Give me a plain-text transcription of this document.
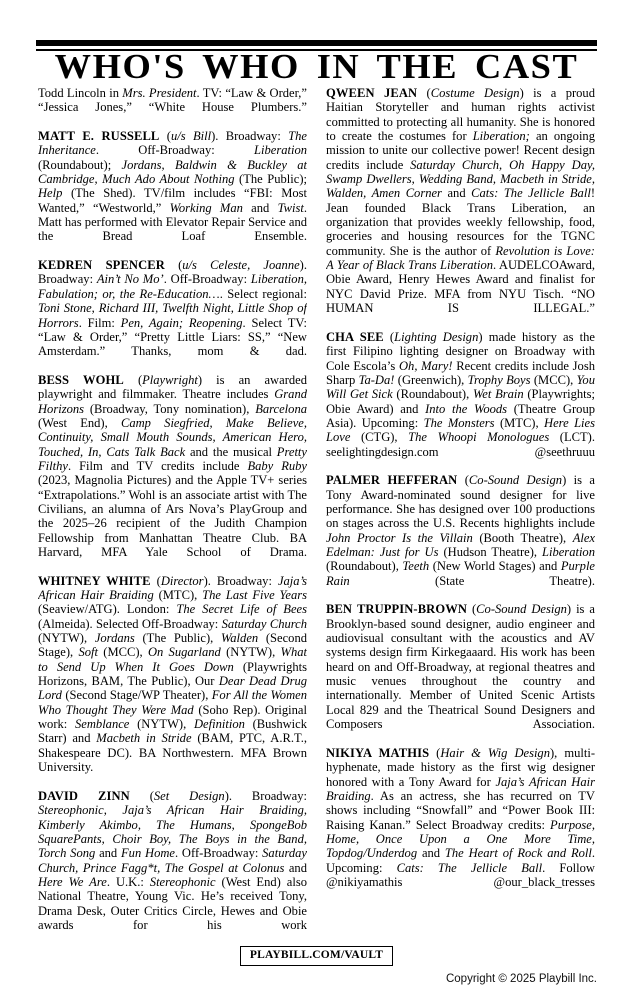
WHO'S WHO IN THE CAST

Todd Lincoln in Mrs. President. TV: “Law & Order,” “Jessica Jones,” “White House Plumbers.”

MATT E. RUSSELL (u/s Bill). Broadway: The Inheritance. Off-Broadway: Liberation (Roundabout); Jordans, Baldwin & Buckley at Cambridge, Much Ado About Nothing (The Public); Help (The Shed). TV/film includes “FBI: Most Wanted,” “Westworld,” Working Man and Twist. Matt has performed with Elevator Repair Service and the Bread Loaf Ensemble.

KEDREN SPENCER (u/s Celeste, Joanne). Broadway: Ain’t No Mo’. Off-Broadway: Liberation, Fabulation; or, the Re-Education…. Select regional: Toni Stone, Richard III, Twelfth Night, Little Shop of Horrors. Film: Pen, Again; Reopening. Select TV: “Law & Order,” “Pretty Little Liars: SS,” “New Amsterdam.” Thanks, mom & dad.

BESS WOHL (Playwright) is an awarded playwright and filmmaker. Theatre includes Grand Horizons (Broadway, Tony nomination), Barcelona (West End), Camp Siegfried, Make Believe, Continuity, Small Mouth Sounds, American Hero, Touched, In, Cats Talk Back and the musical Pretty Filthy. Film and TV credits include Baby Ruby (2023, Magnolia Pictures) and the Apple TV+ series “Extrapolations.” Wohl is an associate artist with The Civilians, an alumna of Ars Nova’s PlayGroup and the 2025–26 recipient of the Judith Champion Fellowship from Manhattan Theatre Club. BA Harvard, MFA Yale School of Drama.

WHITNEY WHITE (Director). Broadway: Jaja’s African Hair Braiding (MTC), The Last Five Years (Seaview/ATG). London: The Secret Life of Bees (Almeida). Selected Off-Broadway: Saturday Church (NYTW), Jordans (The Public), Walden (Second Stage), Soft (MCC), On Sugarland (NYTW), What to Send Up When It Goes Down (Playwrights Horizons, BAM, The Public), Our Dear Dead Drug Lord (Second Stage/WP Theater), For All the Women Who Thought They Were Mad (Soho Rep). Original work: Semblance (NYTW), Definition (Bushwick Starr) and Macbeth in Stride (BAM, PTC, A.R.T., Shakespeare DC). BA Northwestern. MFA Brown University.

DAVID ZINN (Set Design). Broadway: Stereophonic, Jaja’s African Hair Braiding, Kimberly Akimbo, The Humans, SpongeBob SquarePants, Choir Boy, The Boys in the Band, Torch Song and Fun Home. Off-Broadway: Saturday Church, Prince Fagg*t, The Gospel at Colonus and Here We Are. U.K.: Stereophonic (West End) also National Theatre, Young Vic. He’s received Tony, Drama Desk, Outer Critics Circle, Hewes and Obie awards for his work

QWEEN JEAN (Costume Design) is a proud Haitian Storyteller and human rights activist committed to protecting all humanity. She is honored to create the costumes for Liberation; an ongoing mission to unite our collective power! Recent design credits include Saturday Church, Oh Happy Day, Swamp Dwellers, Wedding Band, Macbeth in Stride, Walden, Amen Corner and Cats: The Jellicle Ball! Jean founded Black Trans Liberation, an organization that provides weekly fellowship, food, groceries and housing resources for the TGNC community. She is the author of Revolution is Love: A Year of Black Trans Liberation. AUDELCOAward, Obie Award, Henry Hewes Award and finalist for NYC David Prize. MFA from NYU Tisch. “NO HUMAN IS ILLEGAL.”

CHA SEE (Lighting Design) made history as the first Filipino lighting designer on Broadway with Cole Escola’s Oh, Mary! Recent credits include Josh Sharp Ta-Da! (Greenwich), Trophy Boys (MCC), You Will Get Sick (Roundabout), Wet Brain (Playwrights; Obie Award) and Into the Woods (Theatre Group Asia). Upcoming: The Monsters (MTC), Here Lies Love (CTG), The Whoopi Monologues (LCT). seelightingdesign.com @seethruuu

PALMER HEFFERAN (Co-Sound Design) is a Tony Award-nominated sound designer for live performance. She has designed over 100 productions on stages across the U.S. Recents highlights include John Proctor Is the Villain (Booth Theatre), Alex Edelman: Just for Us (Hudson Theatre), Liberation (Roundabout), Teeth (New World Stages) and Purple Rain (State Theatre).

BEN TRUPPIN-BROWN (Co-Sound Design) is a Brooklyn-based sound designer, audio engineer and audiovisual consultant with the acoustics and AV systems design firm Kirkegaaard. His work has been heard on and Off-Broadway, at regional theatres and music venues throughout the country and internationally. Member of United Scenic Artists Local 829 and the Theatrical Sound Designers and Composers Association.

NIKIYA MATHIS (Hair & Wig Design), multi-hyphenate, made history as the first wig designer honored with a Tony Award for Jaja’s African Hair Braiding. As an actress, she has recurred on TV shows including “Snowfall” and “Power Book III: Raising Kanan.” Select Broadway credits: Purpose, Home, Once Upon a One More Time, Topdog/Underdog and The Heart of Rock and Roll. Upcoming: Cats: The Jellicle Ball. Follow @nikiyamathis @our_black_tresses

PLAYBILL.COM/VAULT
Copyright © 2025 Playbill Inc.
